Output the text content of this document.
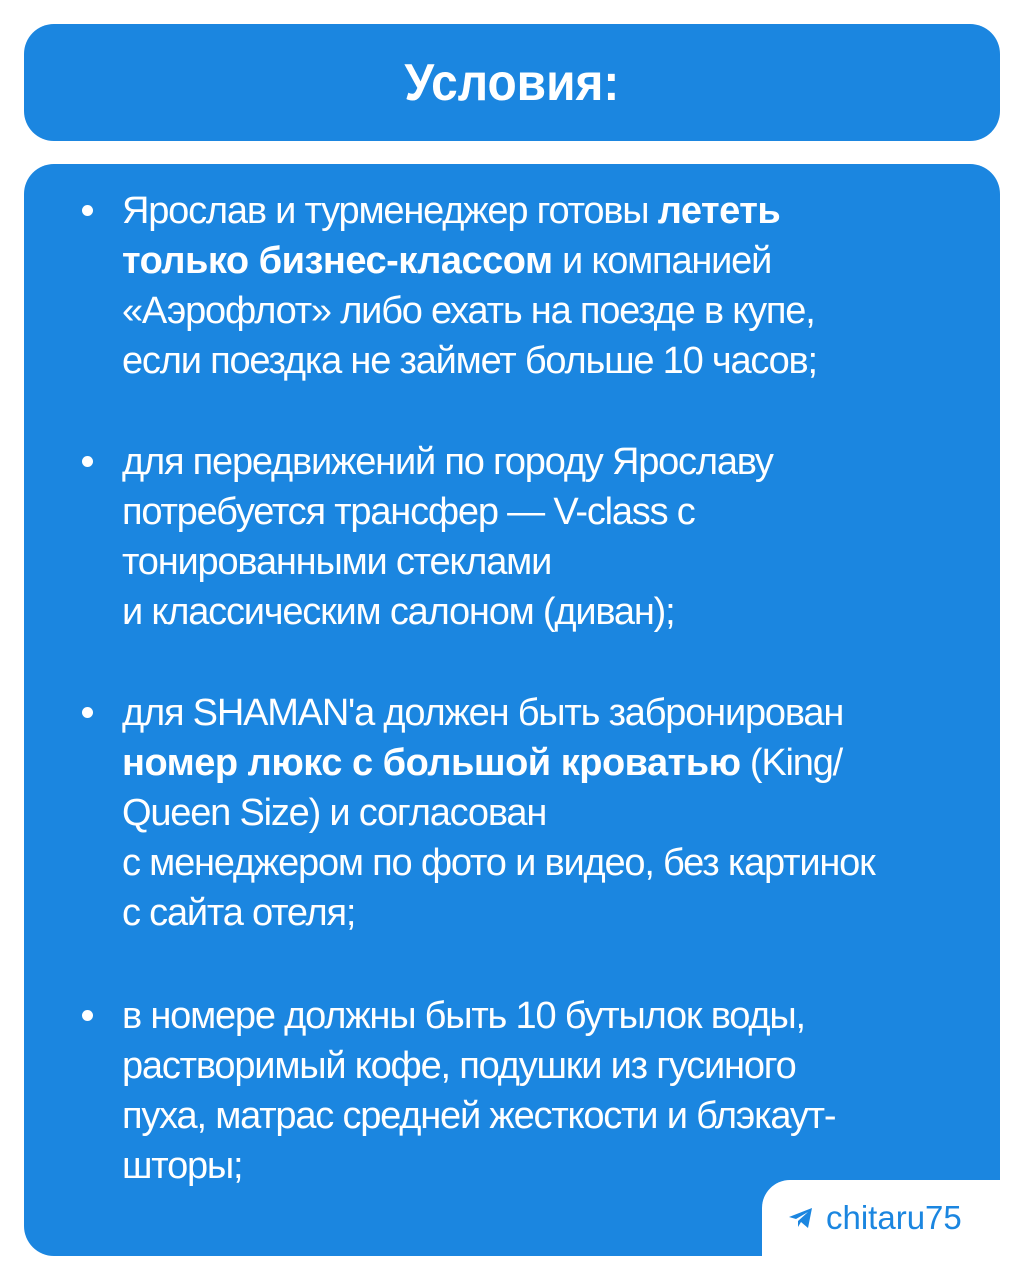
Условия:
Ярослав и турменеджер готовы лететь
только бизнес-классом и компанией
«Аэрофлот» либо ехать на поезде в купе,
если поездка не займет больше 10 часов;
для передвижений по городу Ярославу
потребуется трансфер — V-class с
тонированными стеклами
и классическим салоном (диван);
для SHAMAN'а должен быть забронирован
номер люкс с большой кроватью (King/
Queen Size) и согласован
с менеджером по фото и видео, без картинок
с сайта отеля;
в номере должны быть 10 бутылок воды,
растворимый кофе, подушки из гусиного
пуха, матрас средней жесткости и блэкаут-
шторы;
chitaru75
